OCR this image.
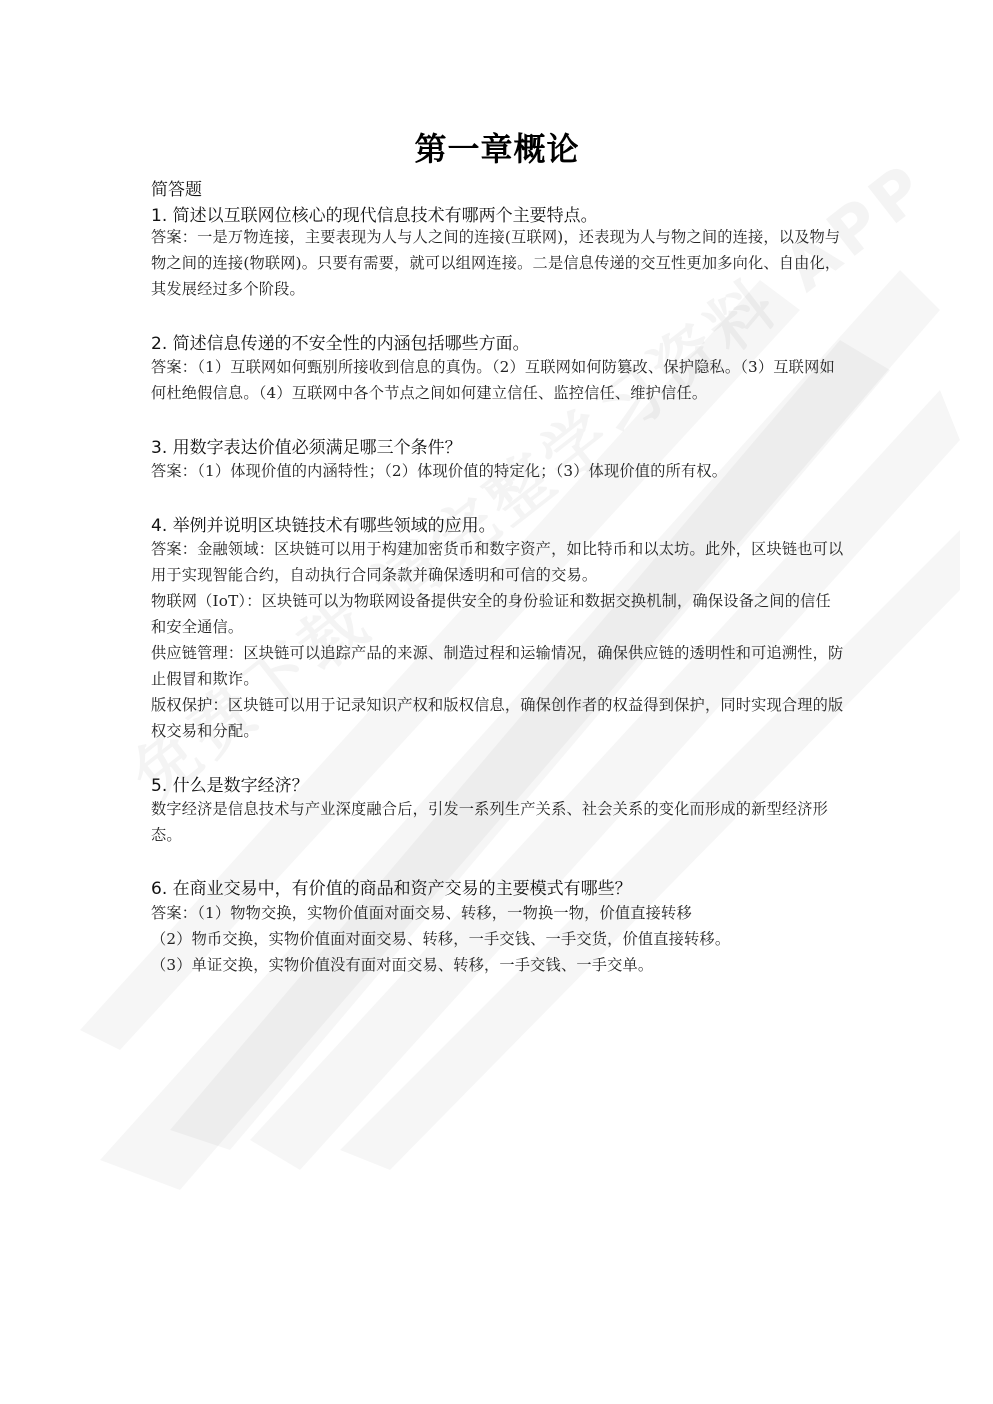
第一章概论
简答题
1. 简述以互联网位核心的现代信息技术有哪两个主要特点。

答案：一是万物连接，主要表现为人与人之间的连接(互联网)，还表现为人与物之间的连接，以及物与物之间的连接(物联网)。只要有需要，就可以组网连接。二是信息传递的交互性更加多向化、自由化，其发展经过多个阶段。

2. 简述信息传递的不安全性的内涵包括哪些方面。

答案：（1）互联网如何甄别所接收到信息的真伪。（2）互联网如何防篡改、保护隐私。（3）互联网如何杜绝假信息。（4）互联网中各个节点之间如何建立信任、监控信任、维护信任。

3. 用数字表达价值必须满足哪三个条件？

答案：（1）体现价值的内涵特性；（2）体现价值的特定化；（3）体现价值的所有权。

4. 举例并说明区块链技术有哪些领域的应用。

答案：金融领域：区块链可以用于构建加密货币和数字资产，如比特币和以太坊。此外，区块链也可以用于实现智能合约，自动执行合同条款并确保透明和可信的交易。

物联网（IoT）：区块链可以为物联网设备提供安全的身份验证和数据交换机制，确保设备之间的信任和安全通信。

供应链管理：区块链可以追踪产品的来源、制造过程和运输情况，确保供应链的透明性和可追溯性，防止假冒和欺诈。

版权保护：区块链可以用于记录知识产权和版权信息，确保创作者的权益得到保护，同时实现合理的版权交易和分配。

5. 什么是数字经济？

数字经济是信息技术与产业深度融合后，引发一系列生产关系、社会关系的变化而形成的新型经济形态。

6. 在商业交易中，有价值的商品和资产交易的主要模式有哪些？

答案：（1）物物交换，实物价值面对面交易、转移，一物换一物，价值直接转移

（2）物币交换，实物价值面对面交易、转移，一手交钱、一手交货，价值直接转移。

（3）单证交换，实物价值没有面对面交易、转移，一手交钱、一手交单。
